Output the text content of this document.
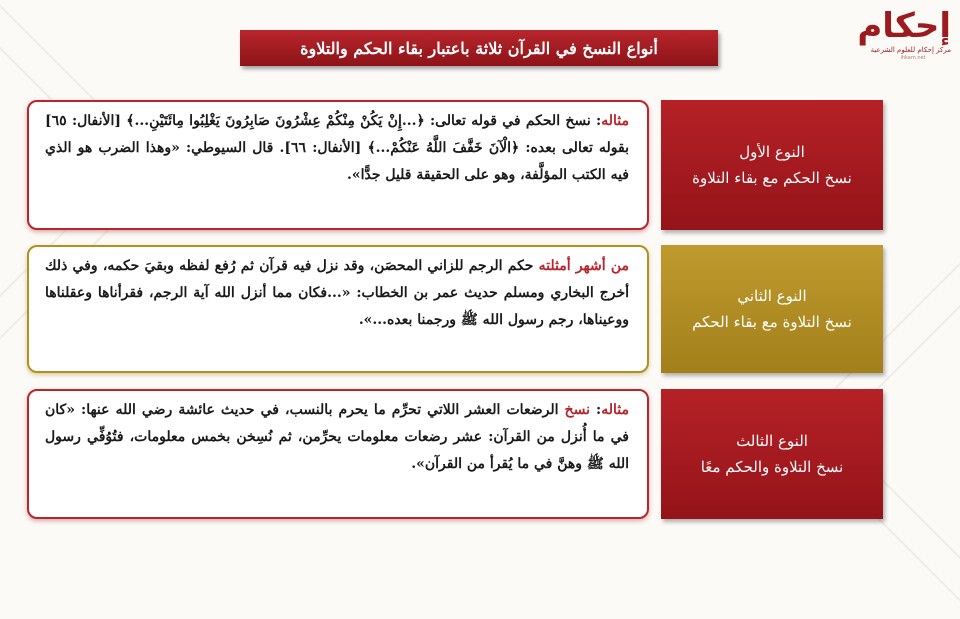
إحكام
مركز إحكام للعلوم الشرعية
ihkam.net
أنواع النسخ في القرآن ثلاثة باعتبار بقاء الحكم والتلاوة
النوع الأول
نسخ الحكم مع بقاء التلاوة
مثاله: نسخ الحكم في قوله تعالى: ﴿...إِنْ يَكُنْ مِنْكُمْ عِشْرُونَ صَابِرُونَ يَغْلِبُوا مِائَتَيْنِ...﴾ [الأنفال: ٦٥] بقوله تعالى بعده: ﴿الْآنَ خَفَّفَ اللَّهُ عَنْكُمْ...﴾ [الأنفال: ٦٦]. قال السيوطي: «وهذا الضرب هو الذي فيه الكتب المؤلَّفة، وهو على الحقيقة قليل جدًّا».
النوع الثاني
نسخ التلاوة مع بقاء الحكم
من أشهر أمثلته حكم الرجم للزاني المحصَن، وقد نزل فيه قرآن ثم رُفع لفظه وبقيَ حكمه، وفي ذلك أخرج البخاري ومسلم حديث عمر بن الخطاب: «...فكان مما أنزل الله آية الرجم، فقرأناها وعقلناها ووعيناها، رجم رسول الله ﷺ ورجمنا بعده...».
النوع الثالث
نسخ التلاوة والحكم معًا
مثاله: نسخ الرضعات العشر اللاتي تحرِّم ما يحرم بالنسب، في حديث عائشة رضي الله عنها: «كان في ما أُنزل من القرآن: عشر رضعات معلومات يحرِّمن، ثم نُسِخن بخمس معلومات، فتُوُفِّي رسول الله ﷺ وهنَّ في ما يُقرأ من القرآن».
